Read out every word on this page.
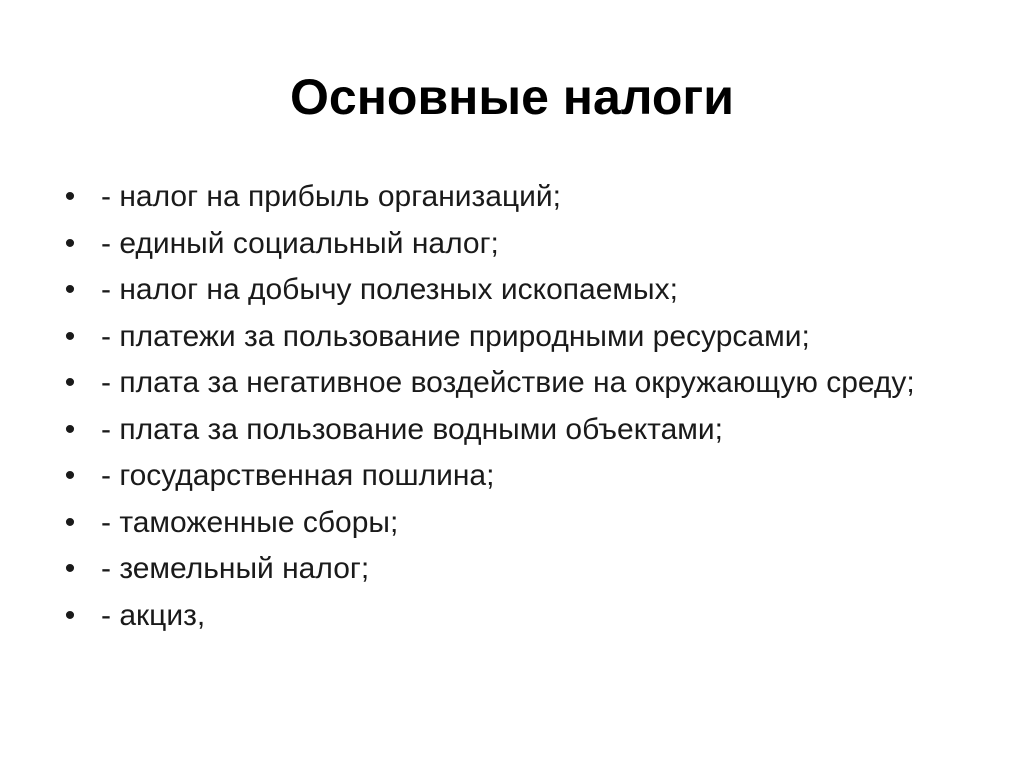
Основные налоги
• - налог на прибыль организаций;
• - единый социальный налог;
• - налог на добычу полезных ископаемых;
• - платежи за пользование природными ресурсами;
• - плата за негативное воздействие на окружающую среду;
• - плата за пользование водными объектами;
• - государственная пошлина;
• - таможенные сборы;
• - земельный налог;
• - акциз,
